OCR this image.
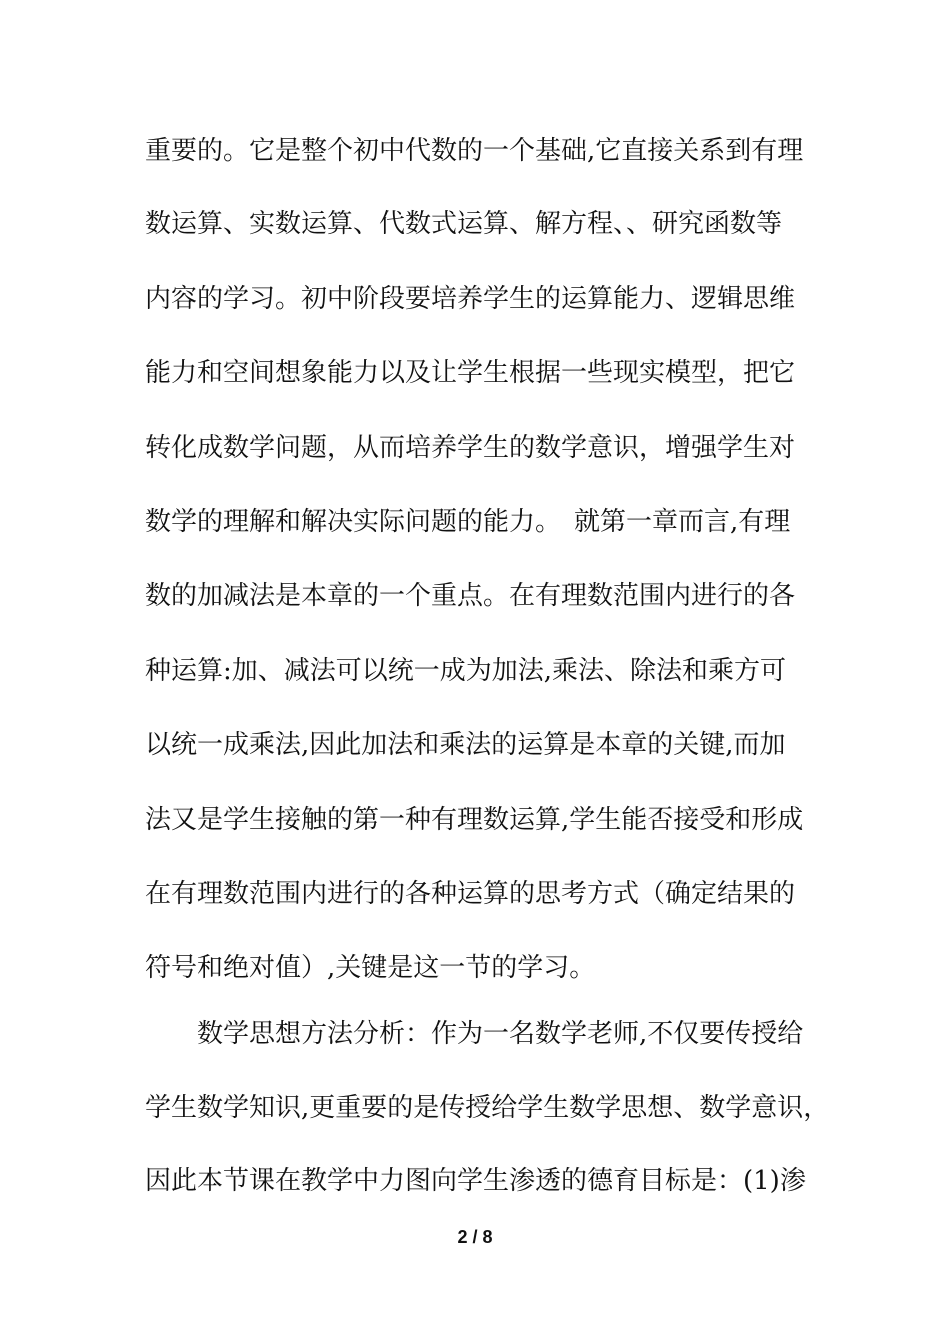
重要的。它是整个初中代数的一个基础,它直接关系到有理
数运算、实数运算、代数式运算、解方程、、研究函数等
内容的学习。初中阶段要培养学生的运算能力、逻辑思维
能力和空间想象能力以及让学生根据一些现实模型，把它
转化成数学问题，从而培养学生的数学意识，增强学生对
数学的理解和解决实际问题的能力。　就第一章而言,有理
数的加减法是本章的一个重点。在有理数范围内进行的各
种运算:加、减法可以统一成为加法,乘法、除法和乘方可
以统一成乘法,因此加法和乘法的运算是本章的关键,而加
法又是学生接触的第一种有理数运算,学生能否接受和形成
在有理数范围内进行的各种运算的思考方式（确定结果的
符号和绝对值）,关键是这一节的学习。
数学思想方法分析：作为一名数学老师,不仅要传授给
学生数学知识,更重要的是传授给学生数学思想、数学意识，
因此本节课在教学中力图向学生渗透的德育目标是：(1)渗
2 / 8
